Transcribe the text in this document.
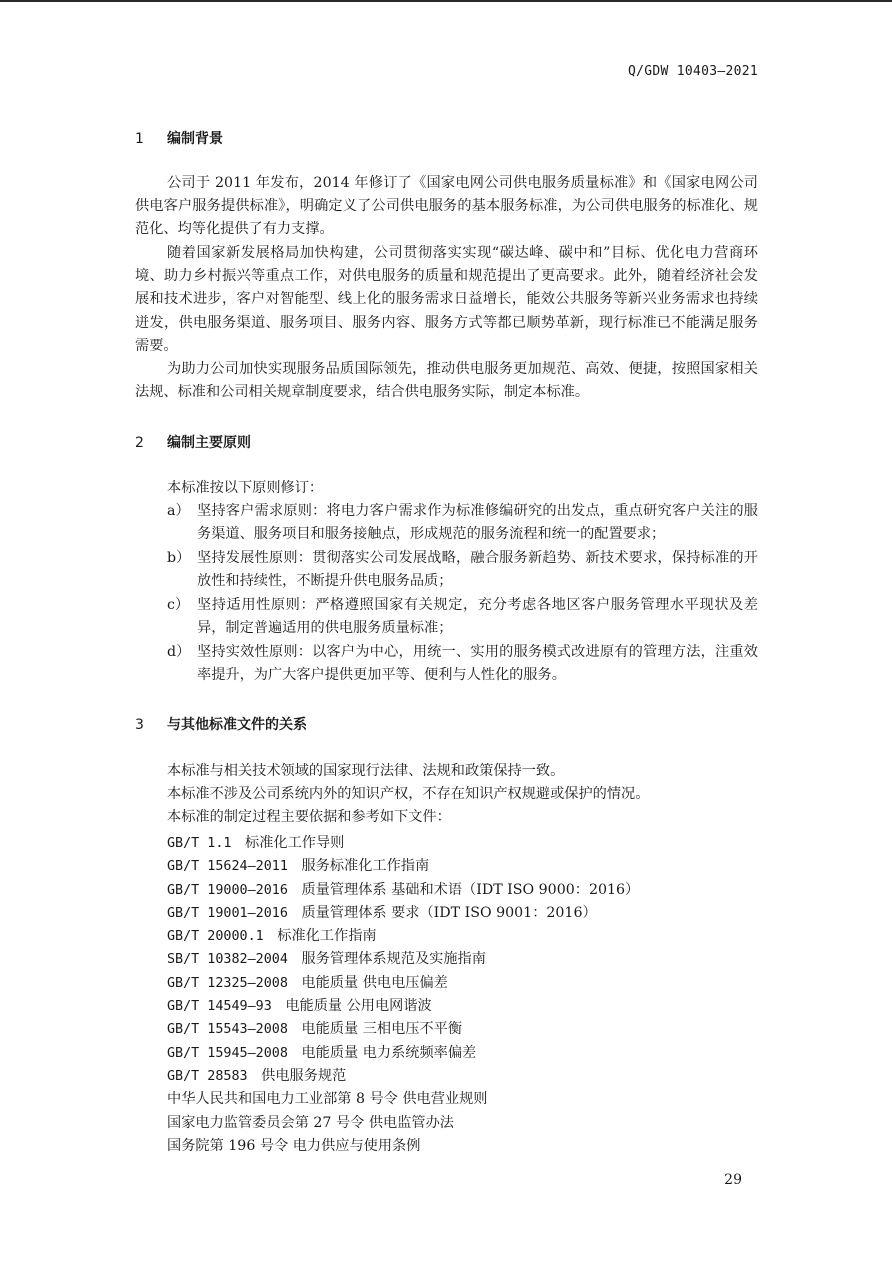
Q/GDW 10403—2021
1 编制背景
公司于 2011 年发布，2014 年修订了《国家电网公司供电服务质量标准》和《国家电网公司供电客户服务提供标准》，明确定义了公司供电服务的基本服务标准，为公司供电服务的标准化、规范化、均等化提供了有力支撑。
随着国家新发展格局加快构建，公司贯彻落实实现“碳达峰、碳中和”目标、优化电力营商环境、助力乡村振兴等重点工作，对供电服务的质量和规范提出了更高要求。此外，随着经济社会发展和技术进步，客户对智能型、线上化的服务需求日益增长，能效公共服务等新兴业务需求也持续迸发，供电服务渠道、服务项目、服务内容、服务方式等都已顺势革新，现行标准已不能满足服务需要。
为助力公司加快实现服务品质国际领先，推动供电服务更加规范、高效、便捷，按照国家相关法规、标准和公司相关规章制度要求，结合供电服务实际，制定本标准。
2 编制主要原则
本标准按以下原则修订：
a） 坚持客户需求原则：将电力客户需求作为标准修编研究的出发点，重点研究客户关注的服务渠道、服务项目和服务接触点，形成规范的服务流程和统一的配置要求；
b） 坚持发展性原则：贯彻落实公司发展战略，融合服务新趋势、新技术要求，保持标准的开放性和持续性，不断提升供电服务品质；
c） 坚持适用性原则：严格遵照国家有关规定，充分考虑各地区客户服务管理水平现状及差异，制定普遍适用的供电服务质量标准；
d） 坚持实效性原则：以客户为中心，用统一、实用的服务模式改进原有的管理方法，注重效率提升，为广大客户提供更加平等、便利与人性化的服务。
3 与其他标准文件的关系
本标准与相关技术领域的国家现行法律、法规和政策保持一致。
本标准不涉及公司系统内外的知识产权，不存在知识产权规避或保护的情况。
本标准的制定过程主要依据和参考如下文件：
GB/T 1.1 标准化工作导则
GB/T 15624—2011 服务标准化工作指南
GB/T 19000—2016 质量管理体系 基础和术语（IDT ISO 9000：2016）
GB/T 19001—2016 质量管理体系 要求（IDT ISO 9001：2016）
GB/T 20000.1 标准化工作指南
SB/T 10382—2004 服务管理体系规范及实施指南
GB/T 12325—2008 电能质量 供电电压偏差
GB/T 14549—93 电能质量 公用电网谐波
GB/T 15543—2008 电能质量 三相电压不平衡
GB/T 15945—2008 电能质量 电力系统频率偏差
GB/T 28583 供电服务规范
中华人民共和国电力工业部第 8 号令 供电营业规则
国家电力监管委员会第 27 号令 供电监管办法
国务院第 196 号令 电力供应与使用条例
29
